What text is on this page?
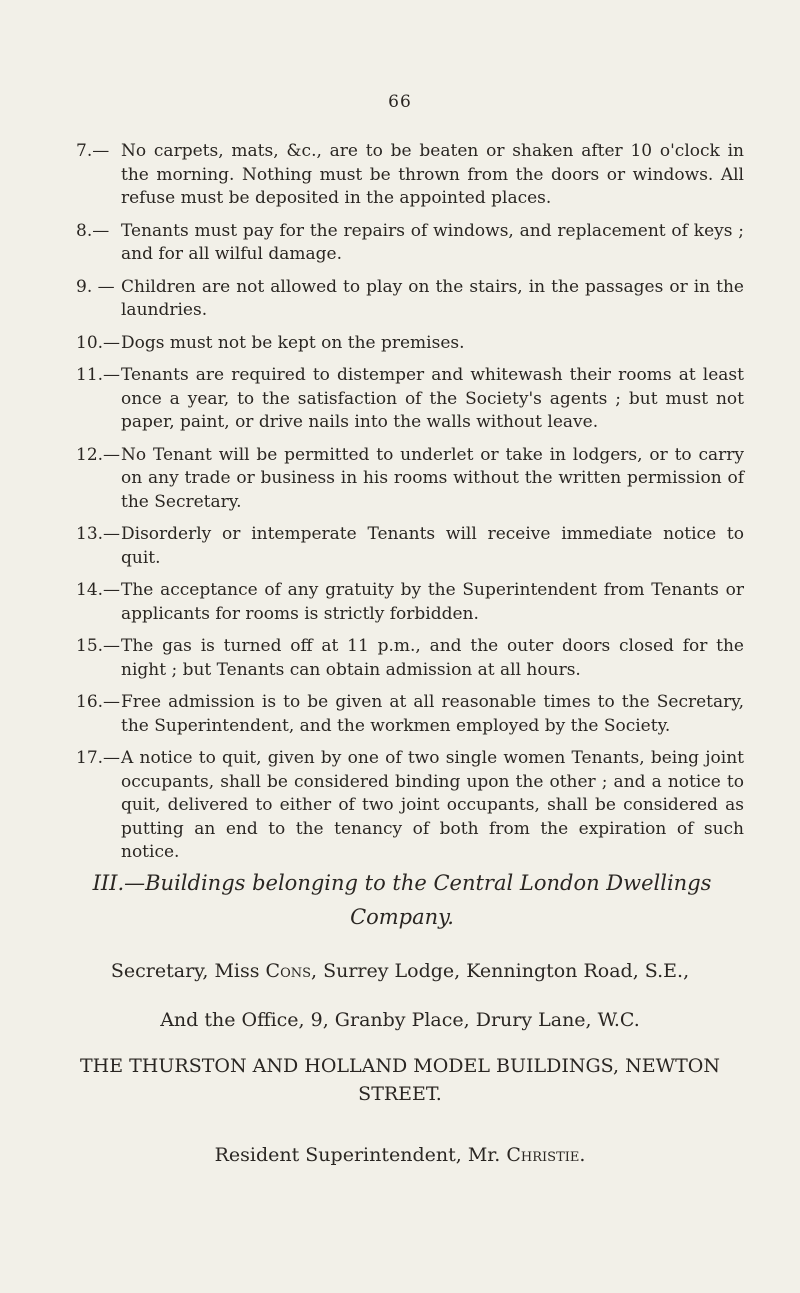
66
7.— No carpets, mats, &c., are to be beaten or shaken after 10 o'clock in the morning. Nothing must be thrown from the doors or windows. All refuse must be deposited in the appointed places.
8.— Tenants must pay for the repairs of windows, and replacement of keys ; and for all wilful damage.
9. — Children are not allowed to play on the stairs, in the passages or in the laundries.
10.— Dogs must not be kept on the premises.
11.— Tenants are required to distemper and whitewash their rooms at least once a year, to the satisfaction of the Society's agents ; but must not paper, paint, or drive nails into the walls without leave.
12.— No Tenant will be permitted to underlet or take in lodgers, or to carry on any trade or business in his rooms without the written permission of the Secretary.
13.— Disorderly or intemperate Tenants will receive immediate notice to quit.
14.— The acceptance of any gratuity by the Superintendent from Tenants or applicants for rooms is strictly forbidden.
15.— The gas is turned off at 11 p.m., and the outer doors closed for the night ; but Tenants can obtain admission at all hours.
16.— Free admission is to be given at all reasonable times to the Secretary, the Superintendent, and the workmen employed by the Society.
17.— A notice to quit, given by one of two single women Tenants, being joint occupants, shall be considered binding upon the other ; and a notice to quit, delivered to either of two joint occupants, shall be considered as putting an end to the tenancy of both from the expiration of such notice.
III.—Buildings belonging to the Central London Dwellings Company.
Secretary, Miss Cons, Surrey Lodge, Kennington Road, S.E.,
And the Office, 9, Granby Place, Drury Lane, W.C.
THE THURSTON AND HOLLAND MODEL BUILDINGS, NEWTON STREET.
Resident Superintendent, Mr. Christie.
